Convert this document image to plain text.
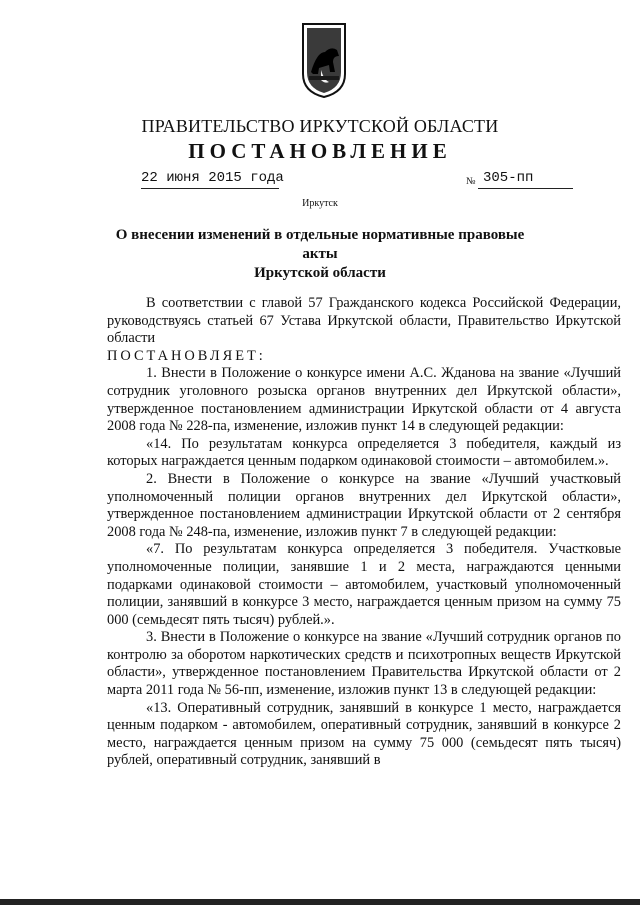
ПРАВИТЕЛЬСТВО ИРКУТСКОЙ ОБЛАСТИ
ПОСТАНОВЛЕНИЕ
22 июня 2015 года	№ 305-пп
Иркутск
О внесении изменений в отдельные нормативные правовые акты
Иркутской области

В соответствии с главой 57 Гражданского кодекса Российской Федерации, руководствуясь статьей 67 Устава Иркутской области, Правительство Иркутской области

ПОСТАНОВЛЯЕТ:

1. Внести в Положение о конкурсе имени А.С. Жданова на звание «Лучший сотрудник уголовного розыска органов внутренних дел Иркутской области», утвержденное постановлением администрации Иркутской области от 4 августа 2008 года № 228-па, изменение, изложив пункт 14 в следующей редакции:

«14. По результатам конкурса определяется 3 победителя, каждый из которых награждается ценным подарком одинаковой стоимости – автомобилем.».

2. Внести в Положение о конкурсе на звание «Лучший участковый уполномоченный полиции органов внутренних дел Иркутской области», утвержденное постановлением администрации Иркутской области от 2 сентября 2008 года № 248-па, изменение, изложив пункт 7 в следующей редакции:

«7. По результатам конкурса определяется 3 победителя. Участковые уполномоченные полиции, занявшие 1 и 2 места, награждаются ценными подарками одинаковой стоимости – автомобилем, участковый уполномоченный полиции, занявший в конкурсе 3 место, награждается ценным призом на сумму 75 000 (семьдесят пять тысяч) рублей.».

3. Внести в Положение о конкурсе на звание «Лучший сотрудник органов по контролю за оборотом наркотических средств и психотропных веществ Иркутской области», утвержденное постановлением Правительства Иркутской области от 2 марта 2011 года № 56-пп, изменение, изложив пункт 13 в следующей редакции:

«13. Оперативный сотрудник, занявший в конкурсе 1 место, награждается ценным подарком - автомобилем, оперативный сотрудник, занявший в конкурсе 2 место, награждается ценным призом на сумму 75 000 (семьдесят пять тысяч) рублей, оперативный сотрудник, занявший в
